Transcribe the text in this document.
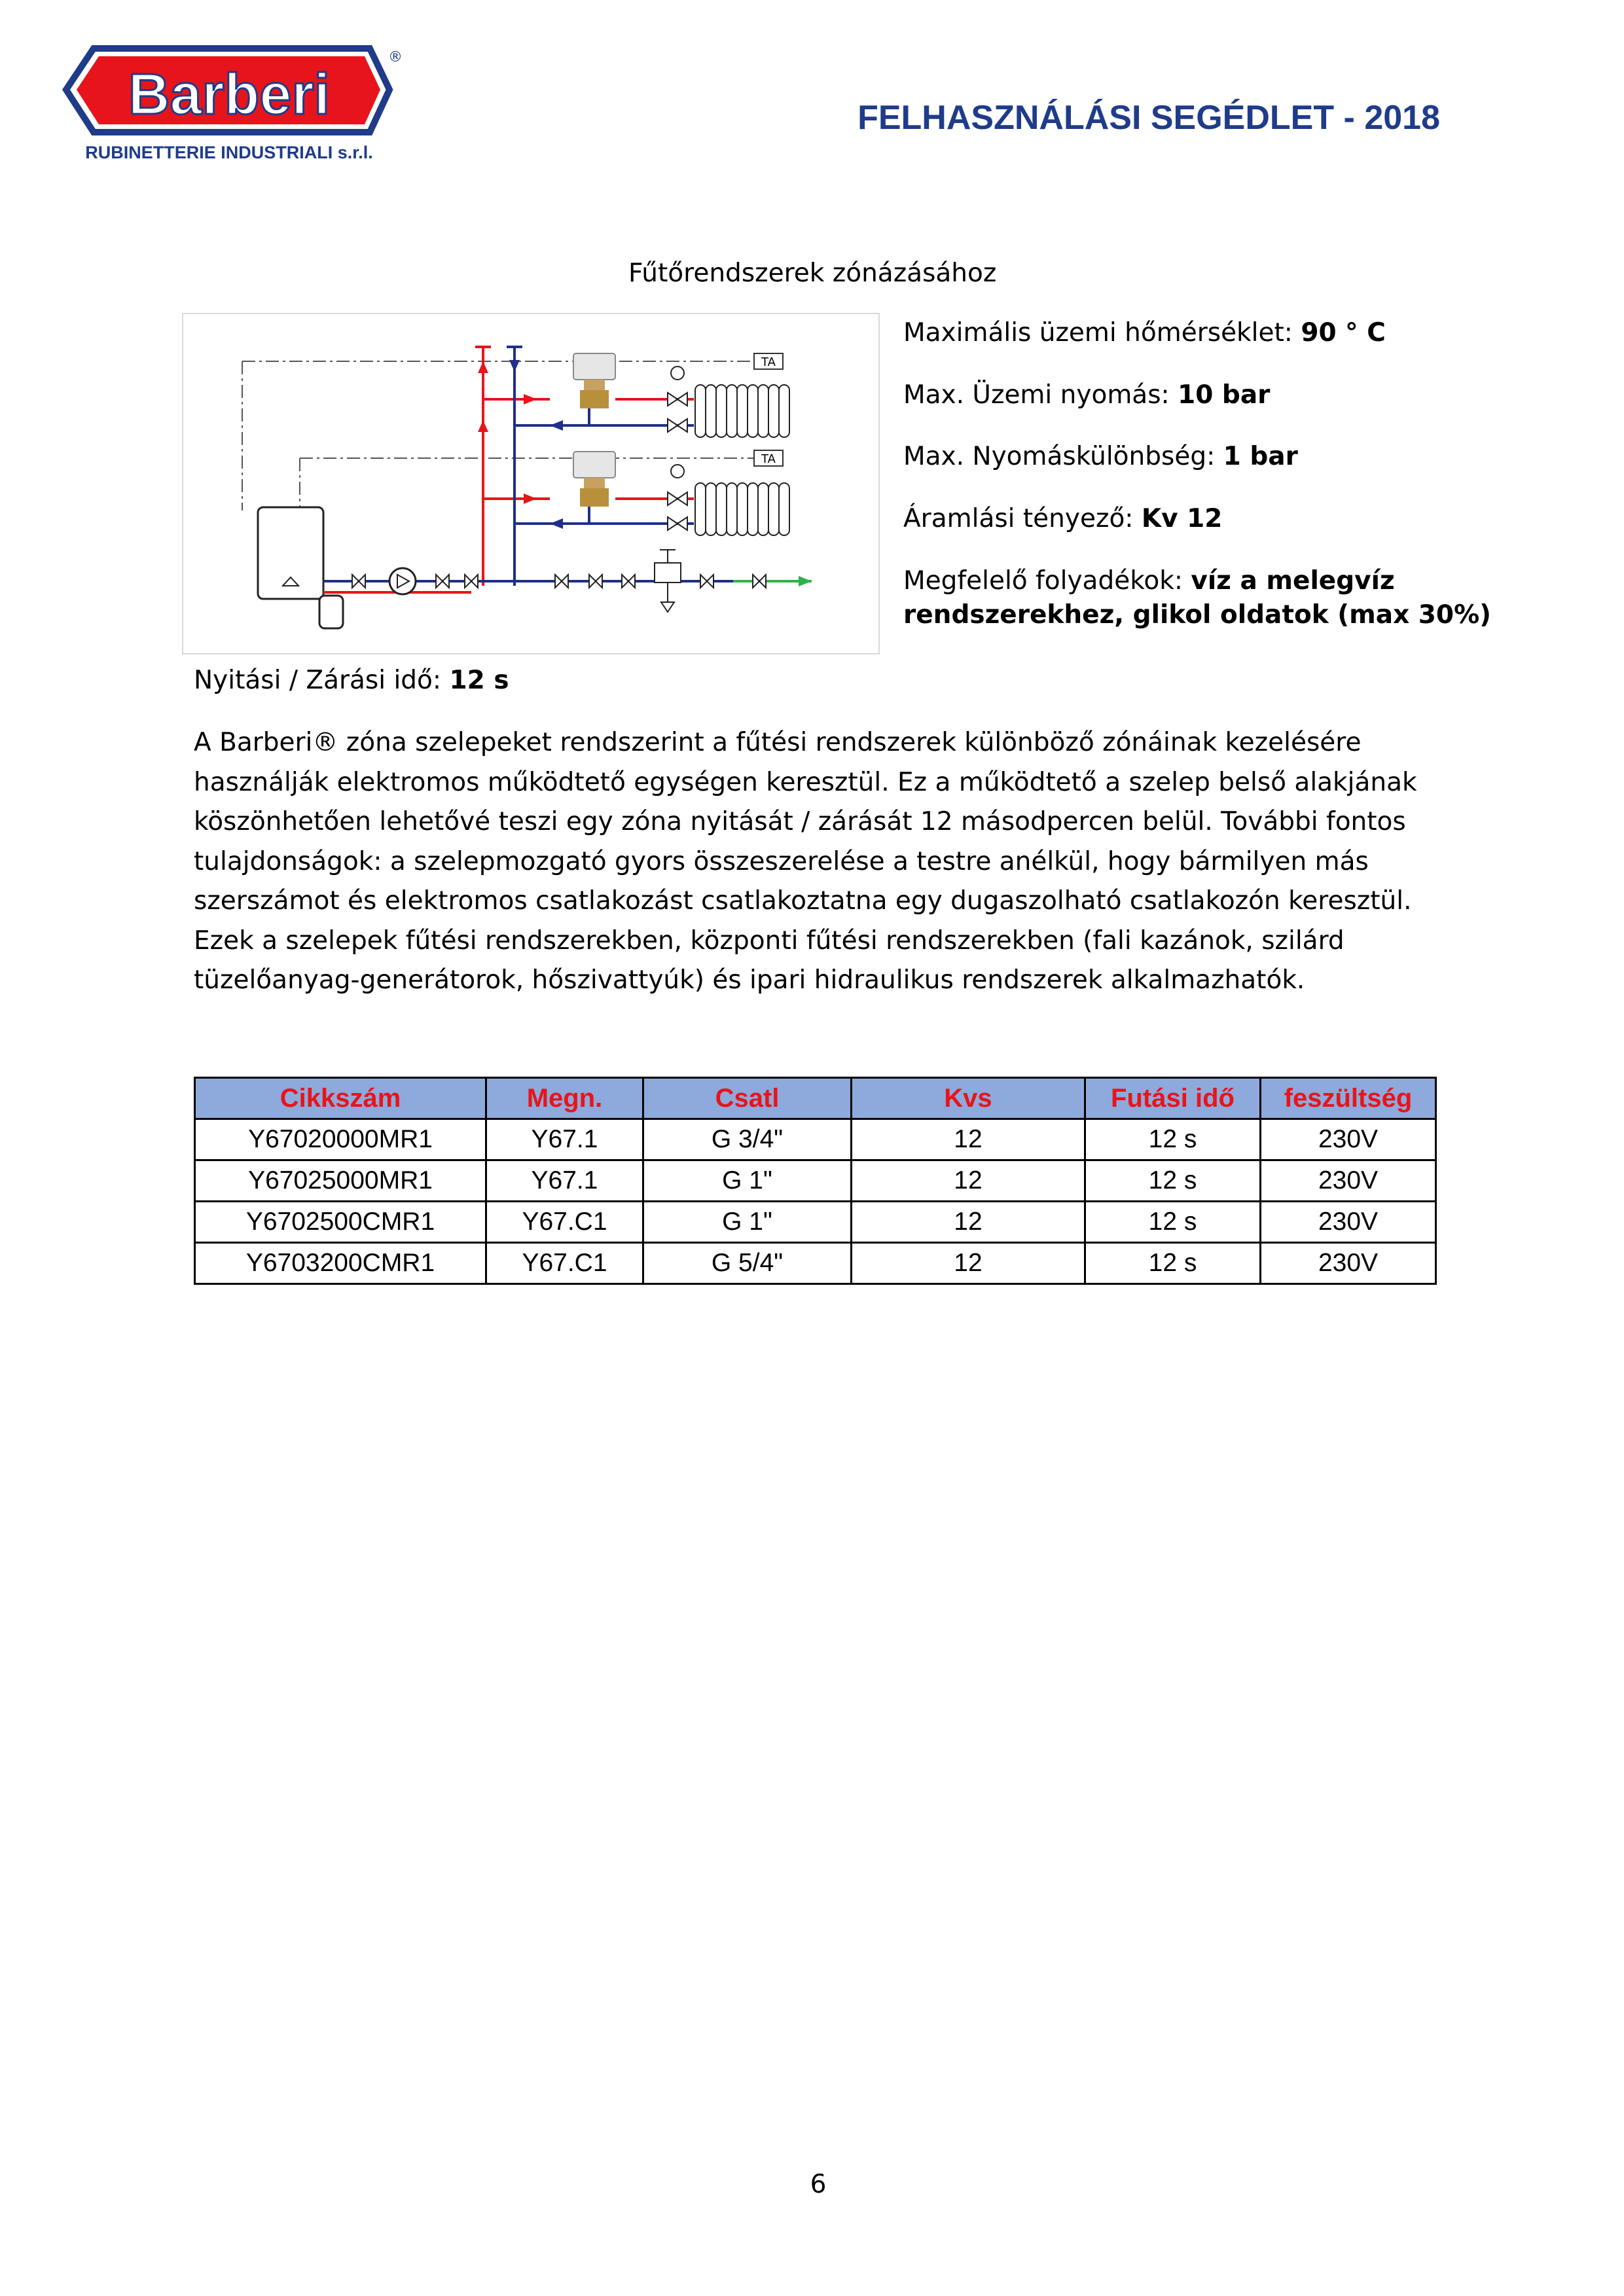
Barberi
®
RUBINETTERIE INDUSTRIALI s.r.l.
FELHASZNÁLÁSI SEGÉDLET - 2018
Fűtőrendszerek zónázásához
TA
TA
Maximális üzemi hőmérséklet: 90 ° C
Max. Üzemi nyomás: 10 bar
Max. Nyomáskülönbség: 1 bar
Áramlási tényező: Kv 12
Megfelelő folyadékok: víz a melegvíz rendszerekhez, glikol oldatok (max 30%)
Nyitási / Zárási idő: 12 s
A Barberi® zóna szelepeket rendszerint a fűtési rendszerek különböző zónáinak kezelésére használják elektromos működtető egységen keresztül. Ez a működtető a szelep belső alakjának köszönhetően lehetővé teszi egy zóna nyitását / zárását 12 másodpercen belül. További fontos tulajdonságok: a szelepmozgató gyors összeszerelése a testre anélkül, hogy bármilyen más szerszámot és elektromos csatlakozást csatlakoztatna egy dugaszolható csatlakozón keresztül. Ezek a szelepek fűtési rendszerekben, központi fűtési rendszerekben (fali kazánok, szilárd tüzelőanyag-generátorok, hőszivattyúk) és ipari hidraulikus rendszerek alkalmazhatók.
Cikkszám	Megn.	Csatl	Kvs	Futási idő	feszültség
Y67020000MR1	Y67.1	G 3/4"	12	12 s	230V
Y67025000MR1	Y67.1	G 1"	12	12 s	230V
Y6702500CMR1	Y67.C1	G 1"	12	12 s	230V
Y6703200CMR1	Y67.C1	G 5/4"	12	12 s	230V
6
